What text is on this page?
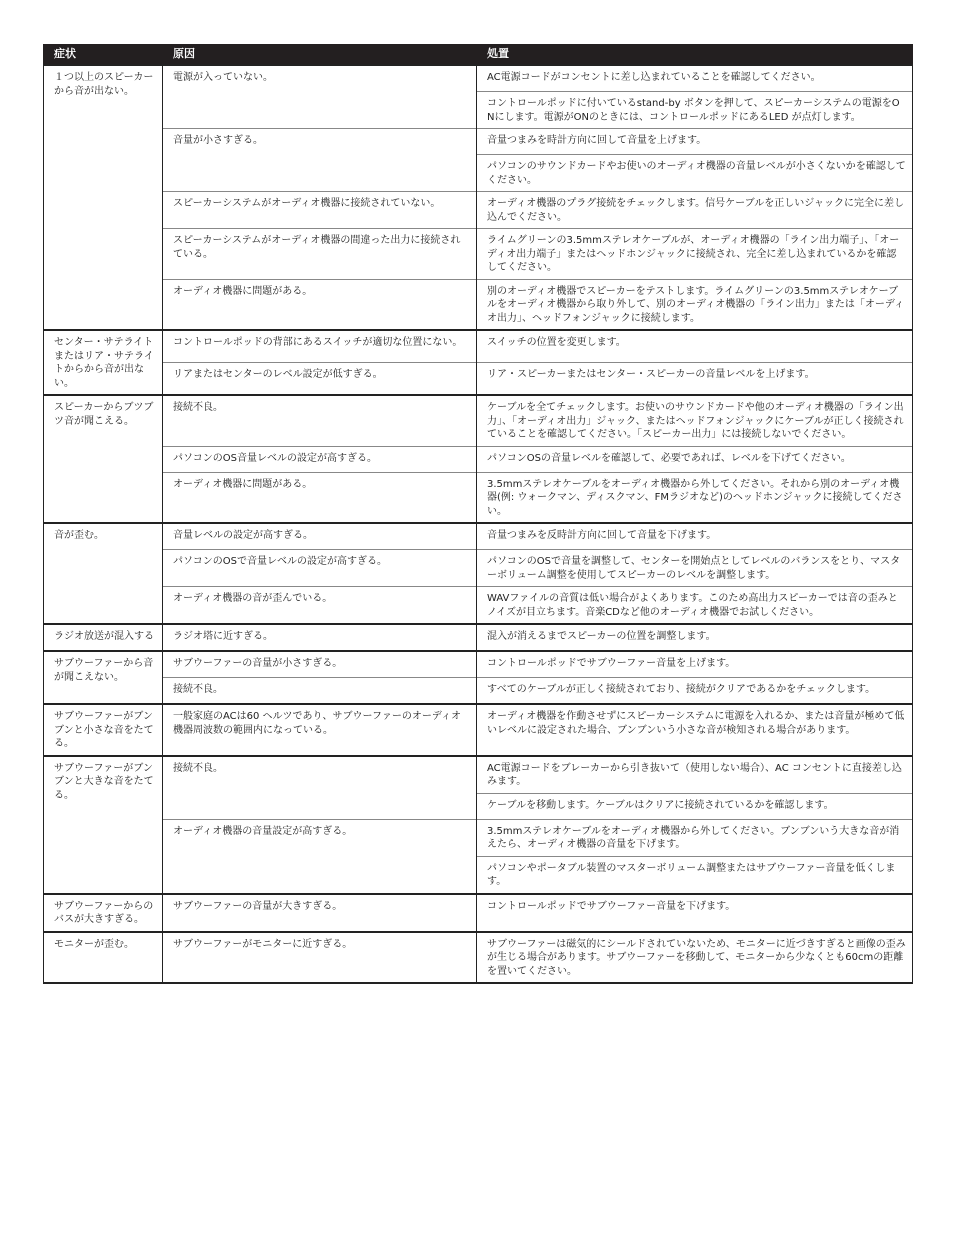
症状	原因	処置
１つ以上のスピーカーから音が出ない。	電源が入っていない。	AC電源コードがコンセントに差し込まれていることを確認してください。
		コントロールポッドに付いているstand-by ボタンを押して、スピーカーシステムの電源をONにします。電源がONのときには、コントロールポッドにあるLED が点灯します。
	音量が小さすぎる。	音量つまみを時計方向に回して音量を上げます。
		パソコンのサウンドカードやお使いのオーディオ機器の音量レベルが小さくないかを確認してください。
	スピーカーシステムがオーディオ機器に接続されていない。	オーディオ機器のプラグ接続をチェックします。信号ケーブルを正しいジャックに完全に差し込んでください。
	スピーカーシステムがオーディオ機器の間違った出力に接続されている。	ライムグリーンの3.5mmステレオケーブルが、オーディオ機器の「ライン出力端子」、「オーディオ出力端子」またはヘッドホンジャックに接続され、完全に差し込まれているかを確認してください。
	オーディオ機器に問題がある。	別のオーディオ機器でスピーカーをテストします。ライムグリーンの3.5mmステレオケーブルをオーディオ機器から取り外して、別のオーディオ機器の「ライン出力」または「オーディオ出力」、ヘッドフォンジャックに接続します。
センター・サテライトまたはリア・サテライトからから音が出ない。	コントロールポッドの背部にあるスイッチが適切な位置にない。	スイッチの位置を変更します。
	リアまたはセンターのレベル設定が低すぎる。	リア・スピーカーまたはセンター・スピーカーの音量レベルを上げます。
スピーカーからブツブツ音が聞こえる。	接続不良。	ケーブルを全てチェックします。お使いのサウンドカードや他のオーディオ機器の「ライン出力」、「オーディオ出力」ジャック、またはヘッドフォンジャックにケーブルが正しく接続されていることを確認してください。「スピーカー出力」には接続しないでください。
	パソコンのOS音量レベルの設定が高すぎる。	パソコンOSの音量レベルを確認して、必要であれば、レベルを下げてください。
	オーディオ機器に問題がある。	3.5mmステレオケーブルをオーディオ機器から外してください。それから別のオーディオ機器(例: ウォークマン、ディスクマン、FMラジオなど)のヘッドホンジャックに接続してください。
音が歪む。	音量レベルの設定が高すぎる。	音量つまみを反時計方向に回して音量を下げます。
	パソコンのOSで音量レベルの設定が高すぎる。	パソコンのOSで音量を調整して、センターを開始点としてレベルのバランスをとり、マスターボリューム調整を使用してスピーカーのレベルを調整します。
	オーディオ機器の音が歪んでいる。	WAVファイルの音質は低い場合がよくあります。このため高出力スピーカーでは音の歪みとノイズが目立ちます。音楽CDなど他のオーディオ機器でお試しください。
ラジオ放送が混入する	ラジオ塔に近すぎる。	混入が消えるまでスピーカーの位置を調整します。
サブウーファーから音が聞こえない。	サブウーファーの音量が小さすぎる。	コントロールポッドでサブウーファー音量を上げます。
	接続不良。	すべてのケーブルが正しく接続されており、接続がクリアであるかをチェックします。
サブウーファーがブンブンと小さな音をたてる。	一般家庭のACは60 ヘルツであり、サブウーファーのオーディオ機器周波数の範囲内になっている。	オーディオ機器を作動させずにスピーカーシステムに電源を入れるか、または音量が極めて低いレベルに設定された場合、ブンブンいう小さな音が検知される場合があります。
サブウーファーがブンブンと大きな音をたてる。	接続不良。	AC電源コードをブレーカーから引き抜いて（使用しない場合）、AC コンセントに直接差し込みます。
		ケーブルを移動します。ケーブルはクリアに接続されているかを確認します。
	オーディオ機器の音量設定が高すぎる。	3.5mmステレオケーブルをオーディオ機器から外してください。ブンブンいう大きな音が消えたら、オーディオ機器の音量を下げます。
		パソコンやポータブル装置のマスターボリューム調整またはサブウーファー音量を低くします。
サブウーファーからのバスが大きすぎる。	サブウーファーの音量が大きすぎる。	コントロールポッドでサブウーファー音量を下げます。
モニターが歪む。	サブウーファーがモニターに近すぎる。	サブウーファーは磁気的にシールドされていないため、モニターに近づきすぎると画像の歪みが生じる場合があります。サブウーファーを移動して、モニターから少なくとも60cmの距離を置いてください。
